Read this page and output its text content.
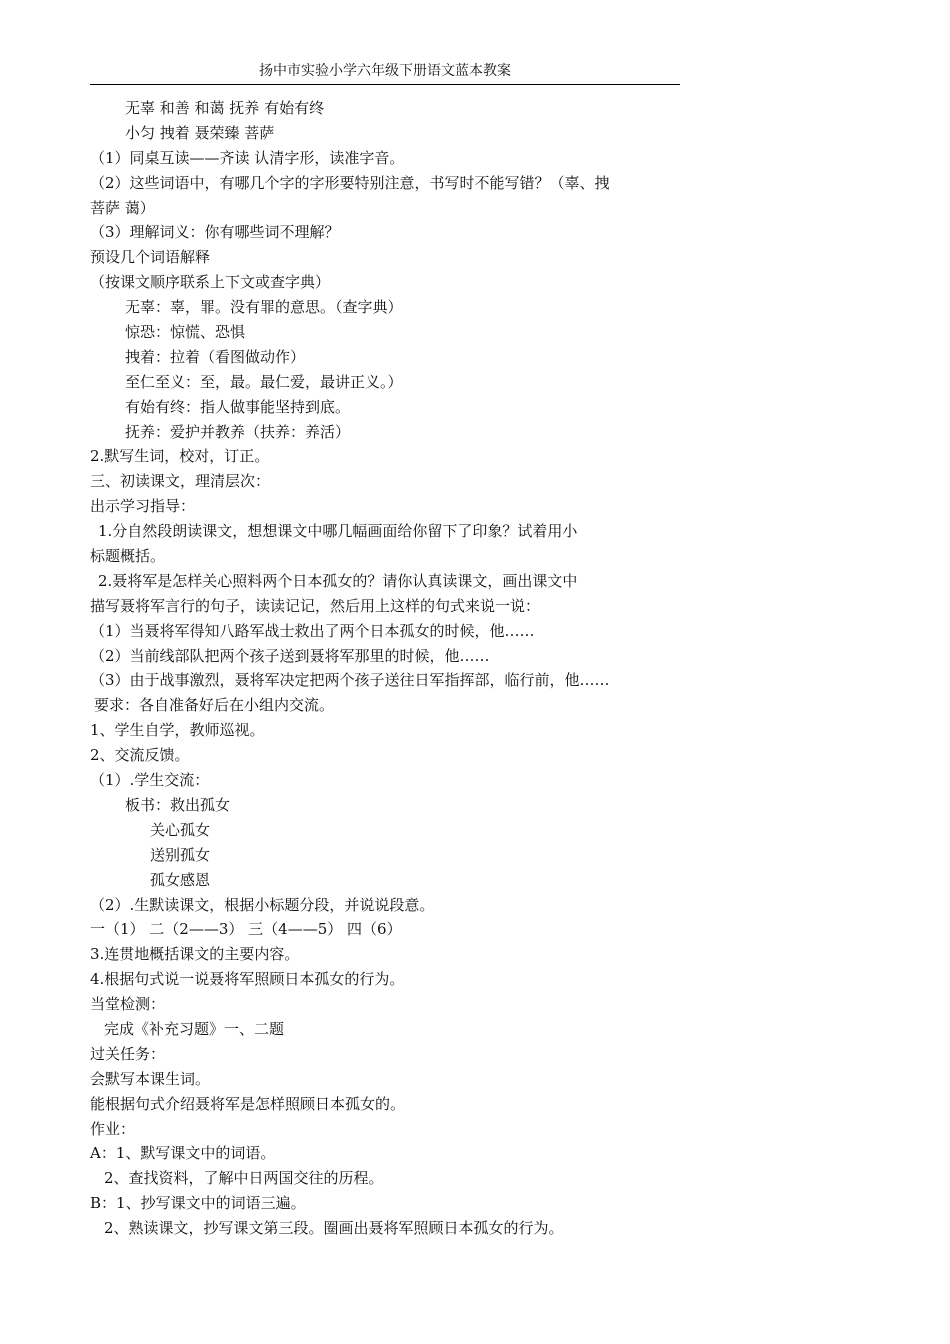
扬中市实验小学六年级下册语文蓝本教案
无辜 和善 和蔼 抚养 有始有终
小匀 拽着 聂荣臻 菩萨
（1）同桌互读——齐读 认清字形，读准字音。
（2）这些词语中，有哪几个字的字形要特别注意，书写时不能写错？（辜、拽
菩萨 蔼）
（3）理解词义：你有哪些词不理解？
预设几个词语解释
（按课文顺序联系上下文或查字典）
无辜：辜，罪。没有罪的意思。（查字典）
惊恐：惊慌、恐惧
拽着：拉着（看图做动作）
至仁至义：至，最。最仁爱，最讲正义。）
有始有终：指人做事能坚持到底。
抚养：爱护并教养（扶养：养活）
2.默写生词，校对，订正。
三、初读课文，理清层次：
出示学习指导：
1.分自然段朗读课文，想想课文中哪几幅画面给你留下了印象？试着用小
标题概括。
2.聂将军是怎样关心照料两个日本孤女的？请你认真读课文，画出课文中
描写聂将军言行的句子，读读记记，然后用上这样的句式来说一说：
（1）当聂将军得知八路军战士救出了两个日本孤女的时候，他……
（2）当前线部队把两个孩子送到聂将军那里的时候，他……
（3）由于战事激烈，聂将军决定把两个孩子送往日军指挥部，临行前，他……
要求：各自准备好后在小组内交流。
1、学生自学，教师巡视。
2、交流反馈。
（1）.学生交流：
板书：救出孤女
关心孤女
送别孤女
孤女感恩
（2）.生默读课文，根据小标题分段，并说说段意。
一（1） 二（2——3） 三（4——5） 四（6）
3.连贯地概括课文的主要内容。
4.根据句式说一说聂将军照顾日本孤女的行为。
当堂检测：
完成《补充习题》一、二题
过关任务：
会默写本课生词。
能根据句式介绍聂将军是怎样照顾日本孤女的。
作业：
A：1、默写课文中的词语。
2、查找资料，了解中日两国交往的历程。
B：1、抄写课文中的词语三遍。
2、熟读课文，抄写课文第三段。圈画出聂将军照顾日本孤女的行为。
